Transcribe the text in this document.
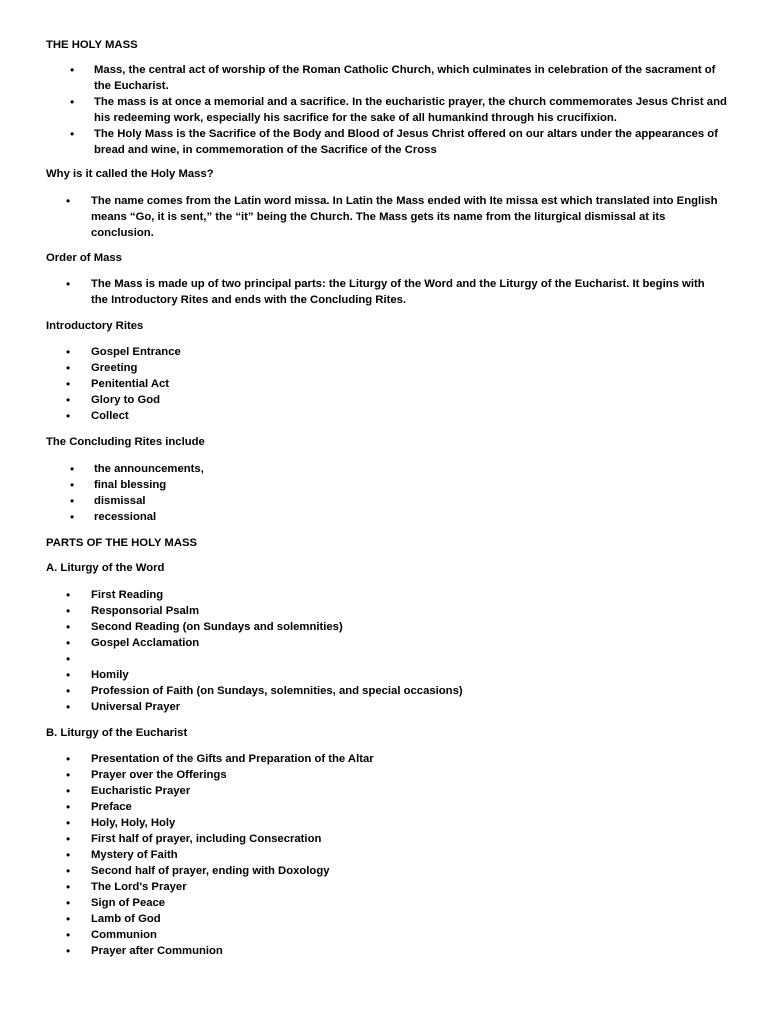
THE HOLY MASS
• Mass, the central act of worship of the Roman Catholic Church, which culminates in celebration of the sacrament of the Eucharist.
• The mass is at once a memorial and a sacrifice. In the eucharistic prayer, the church commemorates Jesus Christ and his redeeming work, especially his sacrifice for the sake of all humankind through his crucifixion.
• The Holy Mass is the Sacrifice of the Body and Blood of Jesus Christ offered on our altars under the appearances of bread and wine, in commemoration of the Sacrifice of the Cross
Why is it called the Holy Mass?
• The name comes from the Latin word missa. In Latin the Mass ended with Ite missa est which translated into English means “Go, it is sent,” the “it” being the Church. The Mass gets its name from the liturgical dismissal at its conclusion.
Order of Mass
• The Mass is made up of two principal parts: the Liturgy of the Word and the Liturgy of the Eucharist. It begins with the Introductory Rites and ends with the Concluding Rites.
Introductory Rites
• Gospel Entrance
• Greeting
• Penitential Act
• Glory to God
• Collect
The Concluding Rites include
• the announcements,
• final blessing
• dismissal
• recessional
PARTS OF THE HOLY MASS
A. Liturgy of the Word
• First Reading
• Responsorial Psalm
• Second Reading (on Sundays and solemnities)
• Gospel Acclamation
•

• Homily
• Profession of Faith (on Sundays, solemnities, and special occasions)
• Universal Prayer
B. Liturgy of the Eucharist
• Presentation of the Gifts and Preparation of the Altar
• Prayer over the Offerings
• Eucharistic Prayer
• Preface
• Holy, Holy, Holy
• First half of prayer, including Consecration
• Mystery of Faith
• Second half of prayer, ending with Doxology
• The Lord's Prayer
• Sign of Peace
• Lamb of God
• Communion
• Prayer after Communion
